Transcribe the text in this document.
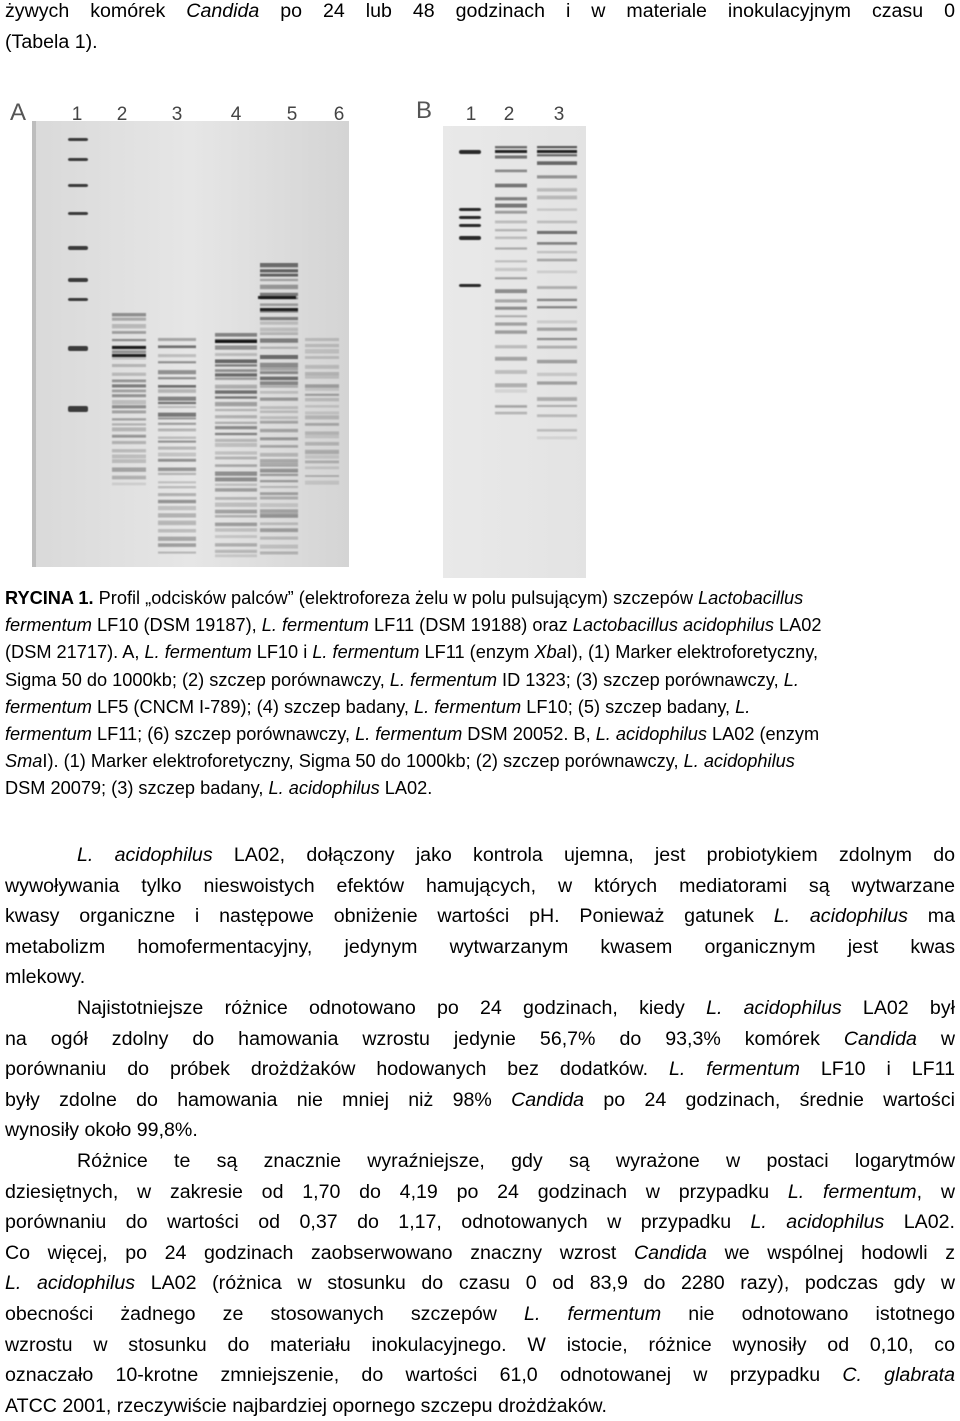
żywych komórek Candida po 24 lub 48 godzinach i w materiale inokulacyjnym czasu 0
(Tabela 1).
A 1 2 3	4 5 6	B 1 2 3
RYCINA 1. Profil „odcisków palców” (elektroforeza żelu w polu pulsującym) szczepów Lactobacillus
fermentum LF10 (DSM 19187), L. fermentum LF11 (DSM 19188) oraz Lactobacillus acidophilus LA02
(DSM 21717). A, L. fermentum LF10 i L. fermentum LF11 (enzym XbaI), (1) Marker elektroforetyczny,
Sigma 50 do 1000kb; (2) szczep porównawczy, L. fermentum ID 1323; (3) szczep porównawczy, L.
fermentum LF5 (CNCM I-789); (4) szczep badany, L. fermentum LF10; (5) szczep badany, L.
fermentum LF11; (6) szczep porównawczy, L. fermentum DSM 20052. B, L. acidophilus LA02 (enzym
SmaI). (1) Marker elektroforetyczny, Sigma 50 do 1000kb; (2) szczep porównawczy, L. acidophilus
DSM 20079; (3) szczep badany, L. acidophilus LA02.
L. acidophilus LA02, dołączony jako kontrola ujemna, jest probiotykiem zdolnym do
wywoływania tylko nieswoistych efektów hamujących, w których mediatorami są wytwarzane
kwasy organiczne i następowe obniżenie wartości pH. Ponieważ gatunek L. acidophilus ma
metabolizm homofermentacyjny, jedynym wytwarzanym kwasem organicznym jest kwas
mlekowy.
Najistotniejsze różnice odnotowano po 24 godzinach, kiedy L. acidophilus LA02 był
na ogół zdolny do hamowania wzrostu jedynie 56,7% do 93,3% komórek Candida w
porównaniu do próbek drożdżaków hodowanych bez dodatków. L. fermentum LF10 i LF11
były zdolne do hamowania nie mniej niż 98% Candida po 24 godzinach, średnie wartości
wynosiły około 99,8%.
Różnice te są znacznie wyraźniejsze, gdy są wyrażone w postaci logarytmów
dziesiętnych, w zakresie od 1,70 do 4,19 po 24 godzinach w przypadku L. fermentum, w
porównaniu do wartości od 0,37 do 1,17, odnotowanych w przypadku L. acidophilus LA02.
Co więcej, po 24 godzinach zaobserwowano znaczny wzrost Candida we wspólnej hodowli z
L. acidophilus LA02 (różnica w stosunku do czasu 0 od 83,9 do 2280 razy), podczas gdy w
obecności żadnego ze stosowanych szczepów L. fermentum nie odnotowano istotnego
wzrostu w stosunku do materiału inokulacyjnego. W istocie, różnice wynosiły od 0,10, co
oznaczało 10-krotne zmniejszenie, do wartości 61,0 odnotowanej w przypadku C. glabrata
ATCC 2001, rzeczywiście najbardziej opornego szczepu drożdżaków.
